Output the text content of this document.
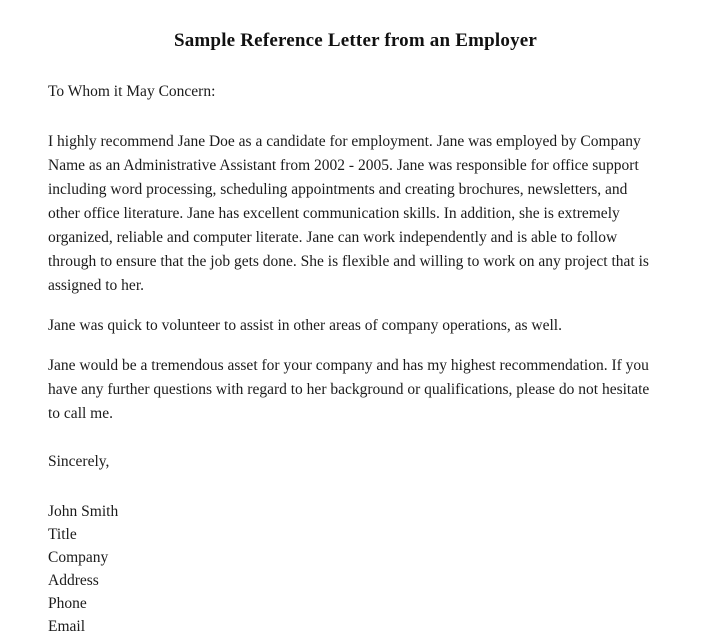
Sample Reference Letter from an Employer

To Whom it May Concern:

I highly recommend Jane Doe as a candidate for employment. Jane was employed by Company Name as an Administrative Assistant from 2002 - 2005. Jane was responsible for office support including word processing, scheduling appointments and creating brochures, newsletters, and other office literature. Jane has excellent communication skills. In addition, she is extremely organized, reliable and computer literate. Jane can work independently and is able to follow through to ensure that the job gets done. She is flexible and willing to work on any project that is assigned to her.

Jane was quick to volunteer to assist in other areas of company operations, as well.

Jane would be a tremendous asset for your company and has my highest recommendation. If you have any further questions with regard to her background or qualifications, please do not hesitate to call me.

Sincerely,

John Smith
Title
Company
Address
Phone
Email
